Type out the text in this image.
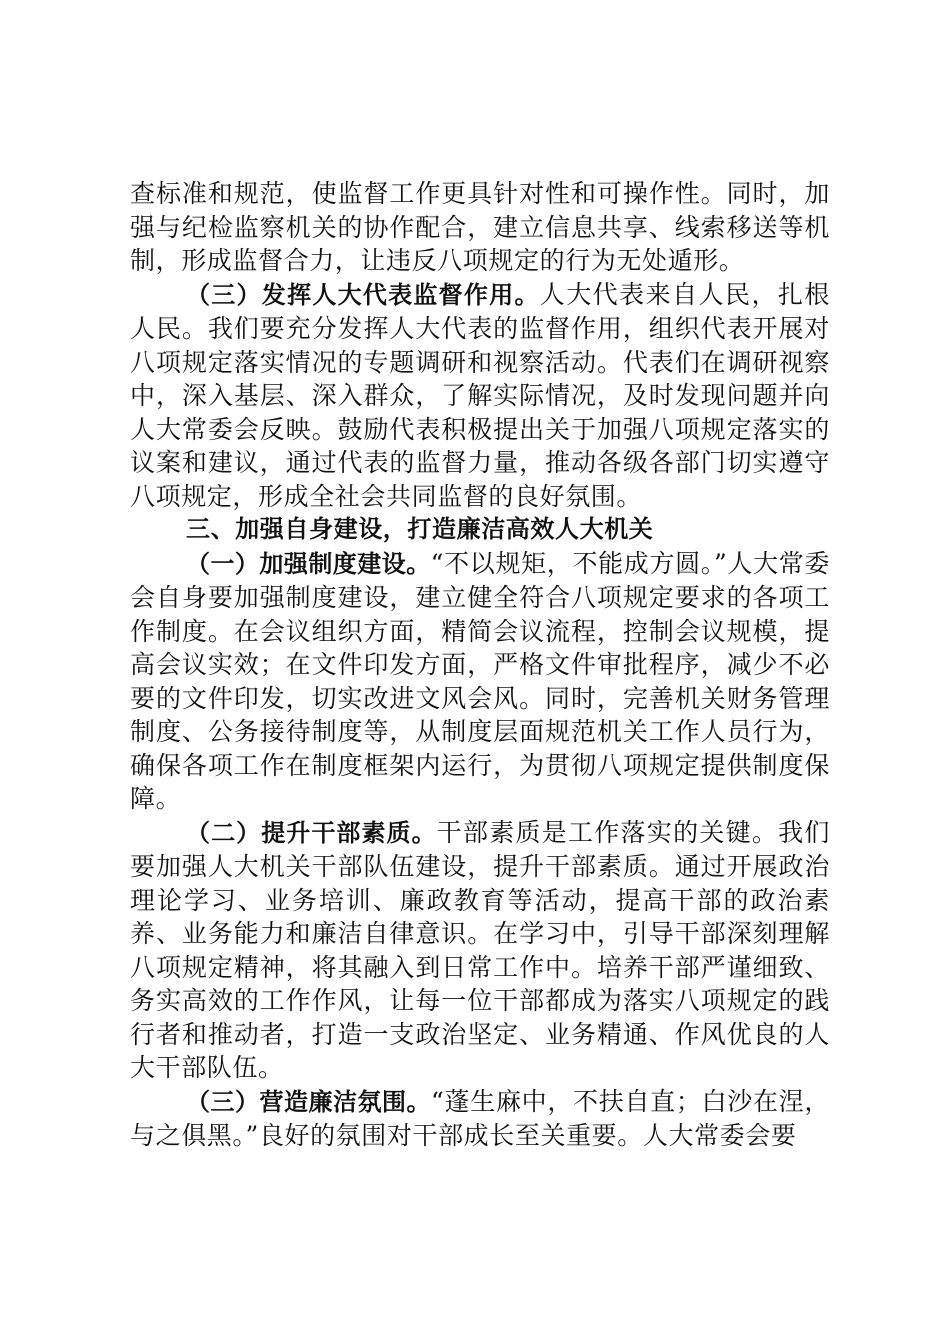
查标准和规范，使监督工作更具针对性和可操作性。同时，加强与纪检监察机关的协作配合，建立信息共享、线索移送等机制，形成监督合力，让违反八项规定的行为无处遁形。

（三）发挥人大代表监督作用。人大代表来自人民，扎根人民。我们要充分发挥人大代表的监督作用，组织代表开展对八项规定落实情况的专题调研和视察活动。代表们在调研视察中，深入基层、深入群众，了解实际情况，及时发现问题并向人大常委会反映。鼓励代表积极提出关于加强八项规定落实的议案和建议，通过代表的监督力量，推动各级各部门切实遵守八项规定，形成全社会共同监督的良好氛围。

三、加强自身建设，打造廉洁高效人大机关

（一）加强制度建设。“不以规矩，不能成方圆。”人大常委会自身要加强制度建设，建立健全符合八项规定要求的各项工作制度。在会议组织方面，精简会议流程，控制会议规模，提高会议实效；在文件印发方面，严格文件审批程序，减少不必要的文件印发，切实改进文风会风。同时，完善机关财务管理制度、公务接待制度等，从制度层面规范机关工作人员行为，确保各项工作在制度框架内运行，为贯彻八项规定提供制度保障。

（二）提升干部素质。干部素质是工作落实的关键。我们要加强人大机关干部队伍建设，提升干部素质。通过开展政治理论学习、业务培训、廉政教育等活动，提高干部的政治素养、业务能力和廉洁自律意识。在学习中，引导干部深刻理解八项规定精神，将其融入到日常工作中。培养干部严谨细致、务实高效的工作作风，让每一位干部都成为落实八项规定的践行者和推动者，打造一支政治坚定、业务精通、作风优良的人大干部队伍。

（三）营造廉洁氛围。“蓬生麻中，不扶自直；白沙在涅，与之俱黑。”良好的氛围对干部成长至关重要。人大常委会要
